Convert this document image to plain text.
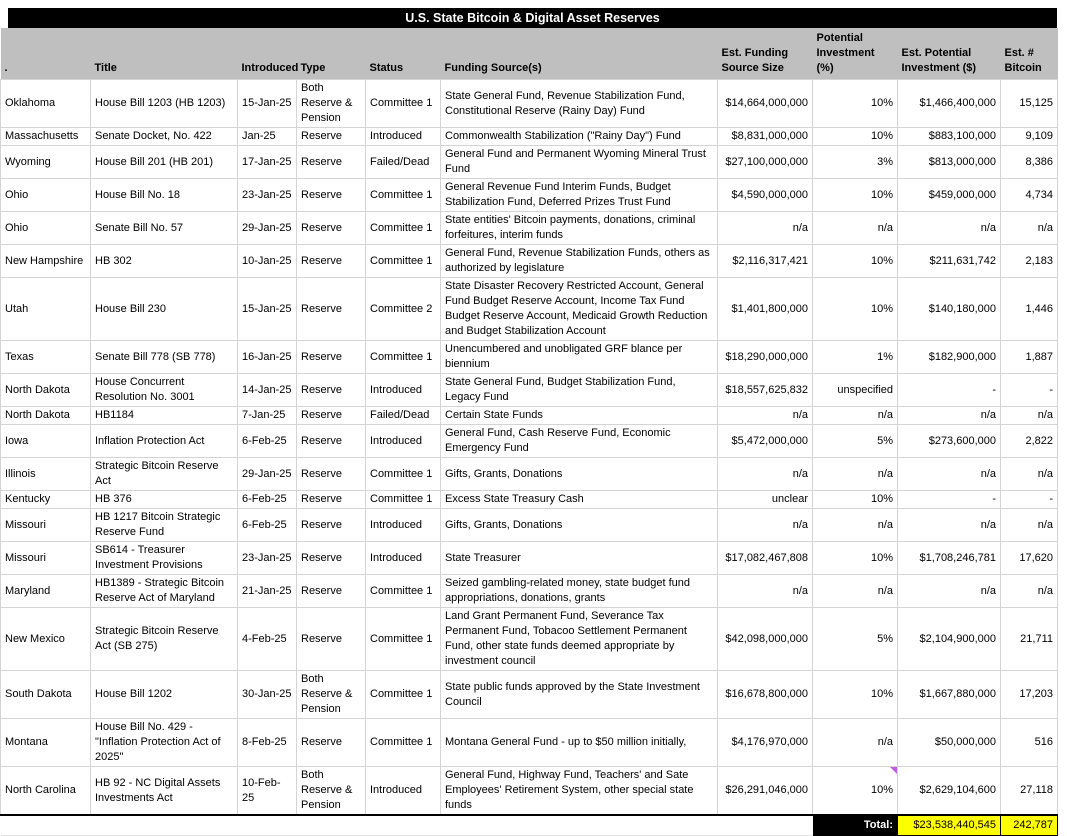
U.S. State Bitcoin & Digital Asset Reserves
.	Title	Introduced	Type	Status	Funding Source(s)	Est. Funding Source Size	Potential Investment (%)	Est. Potential Investment ($)	Est. # Bitcoin
Oklahoma	House Bill 1203 (HB 1203)	15-Jan-25	Both Reserve & Pension	Committee 1	State General Fund, Revenue Stabilization Fund, Constitutional Reserve (Rainy Day) Fund	$14,664,000,000	10%	$1,466,400,000	15,125
Massachusetts	Senate Docket, No. 422	Jan-25	Reserve	Introduced	Commonwealth Stabilization ("Rainy Day") Fund	$8,831,000,000	10%	$883,100,000	9,109
Wyoming	House Bill 201 (HB 201)	17-Jan-25	Reserve	Failed/Dead	General Fund and Permanent Wyoming Mineral Trust Fund	$27,100,000,000	3%	$813,000,000	8,386
Ohio	House Bill No. 18	23-Jan-25	Reserve	Committee 1	General Revenue Fund Interim Funds, Budget Stabilization Fund, Deferred Prizes Trust Fund	$4,590,000,000	10%	$459,000,000	4,734
Ohio	Senate Bill No. 57	29-Jan-25	Reserve	Committee 1	State entities' Bitcoin payments, donations, criminal forfeitures, interim funds	n/a	n/a	n/a	n/a
New Hampshire	HB 302	10-Jan-25	Reserve	Committee 1	General Fund, Revenue Stabilization Funds, others as authorized by legislature	$2,116,317,421	10%	$211,631,742	2,183
Utah	House Bill 230	15-Jan-25	Reserve	Committee 2	State Disaster Recovery Restricted Account, General Fund Budget Reserve Account, Income Tax Fund Budget Reserve Account, Medicaid Growth Reduction and Budget Stabilization Account	$1,401,800,000	10%	$140,180,000	1,446
Texas	Senate Bill 778 (SB 778)	16-Jan-25	Reserve	Committee 1	Unencumbered and unobligated GRF blance per biennium	$18,290,000,000	1%	$182,900,000	1,887
North Dakota	House Concurrent Resolution No. 3001	14-Jan-25	Reserve	Introduced	State General Fund, Budget Stabilization Fund, Legacy Fund	$18,557,625,832	unspecified	-	-
North Dakota	HB1184	7-Jan-25	Reserve	Failed/Dead	Certain State Funds	n/a	n/a	n/a	n/a
Iowa	Inflation Protection Act	6-Feb-25	Reserve	Introduced	General Fund, Cash Reserve Fund, Economic Emergency Fund	$5,472,000,000	5%	$273,600,000	2,822
Illinois	Strategic Bitcoin Reserve Act	29-Jan-25	Reserve	Committee 1	Gifts, Grants, Donations	n/a	n/a	n/a	n/a
Kentucky	HB 376	6-Feb-25	Reserve	Committee 1	Excess State Treasury Cash	unclear	10%	-	-
Missouri	HB 1217 Bitcoin Strategic Reserve Fund	6-Feb-25	Reserve	Introduced	Gifts, Grants, Donations	n/a	n/a	n/a	n/a
Missouri	SB614 - Treasurer Investment Provisions	23-Jan-25	Reserve	Introduced	State Treasurer	$17,082,467,808	10%	$1,708,246,781	17,620
Maryland	HB1389 - Strategic Bitcoin Reserve Act of Maryland	21-Jan-25	Reserve	Committee 1	Seized gambling-related money, state budget fund appropriations, donations, grants	n/a	n/a	n/a	n/a
New Mexico	Strategic Bitcoin Reserve Act (SB 275)	4-Feb-25	Reserve	Committee 1	Land Grant Permanent Fund, Severance Tax Permanent Fund, Tobacoo Settlement Permanent Fund, other state funds deemed appropriate by investment council	$42,098,000,000	5%	$2,104,900,000	21,711
South Dakota	House Bill 1202	30-Jan-25	Both Reserve & Pension	Committee 1	State public funds approved by the State Investment Council	$16,678,800,000	10%	$1,667,880,000	17,203
Montana	House Bill No. 429 - "Inflation Protection Act of 2025"	8-Feb-25	Reserve	Committee 1	Montana General Fund - up to $50 million initially,	$4,176,970,000	n/a	$50,000,000	516
North Carolina	HB 92 - NC Digital Assets Investments Act	10-Feb-25	Both Reserve & Pension	Introduced	General Fund, Highway Fund, Teachers' and Sate Employees' Retirement System, other special state funds	$26,291,046,000	10%	$2,629,104,600	27,118
							Total:	$23,538,440,545	242,787
